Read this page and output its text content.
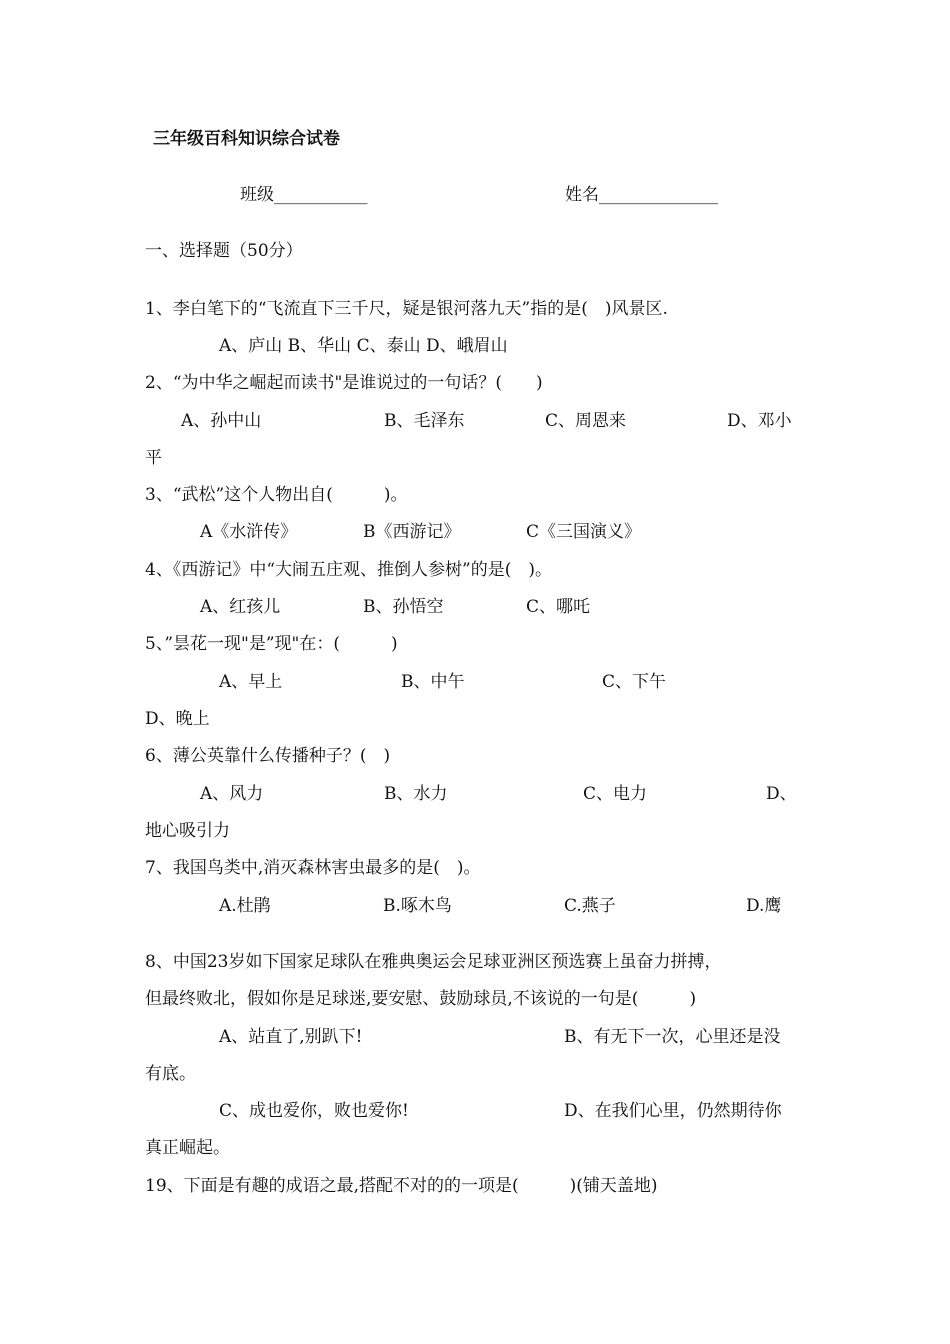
三年级百科知识综合试卷
班级___________	姓名______________
一、选择题（50分）
1、李白笔下的“飞流直下三千尺，疑是银河落九天”指的是(　)风景区.
A、庐山 B、华山 C、泰山 D、峨眉山
2、“为中华之崛起而读书"是谁说过的一句话？(　　)
A、孙中山	B、毛泽东	C、周恩来	D、邓小
平
3、“武松”这个人物出自(　　　)。
A《水浒传》	B《西游记》	C《三国演义》
4、《西游记》中“大闹五庄观、推倒人参树”的是(　)。
A、红孩儿	B、孙悟空	C、哪吒
5、”昙花一现"是”现"在：(　　　)
A、早上	B、中午	C、下午
D、晚上
6、薄公英靠什么传播种子？(　)
A、风力	B、水力	C、电力	D、
地心吸引力
7、我国鸟类中,消灭森林害虫最多的是(　)。
A.杜鹃	B.啄木鸟	C.燕子	D.鹰
8、中国23岁如下国家足球队在雅典奥运会足球亚洲区预选赛上虽奋力拼搏，
但最终败北，假如你是足球迷,要安慰、鼓励球员,不该说的一句是(　　　)
A、站直了,别趴下!	B、有无下一次，心里还是没
有底。
C、成也爱你，败也爱你!	D、在我们心里，仍然期待你
真正崛起。
19、下面是有趣的成语之最,搭配不对的的一项是(　　　)(铺天盖地)
